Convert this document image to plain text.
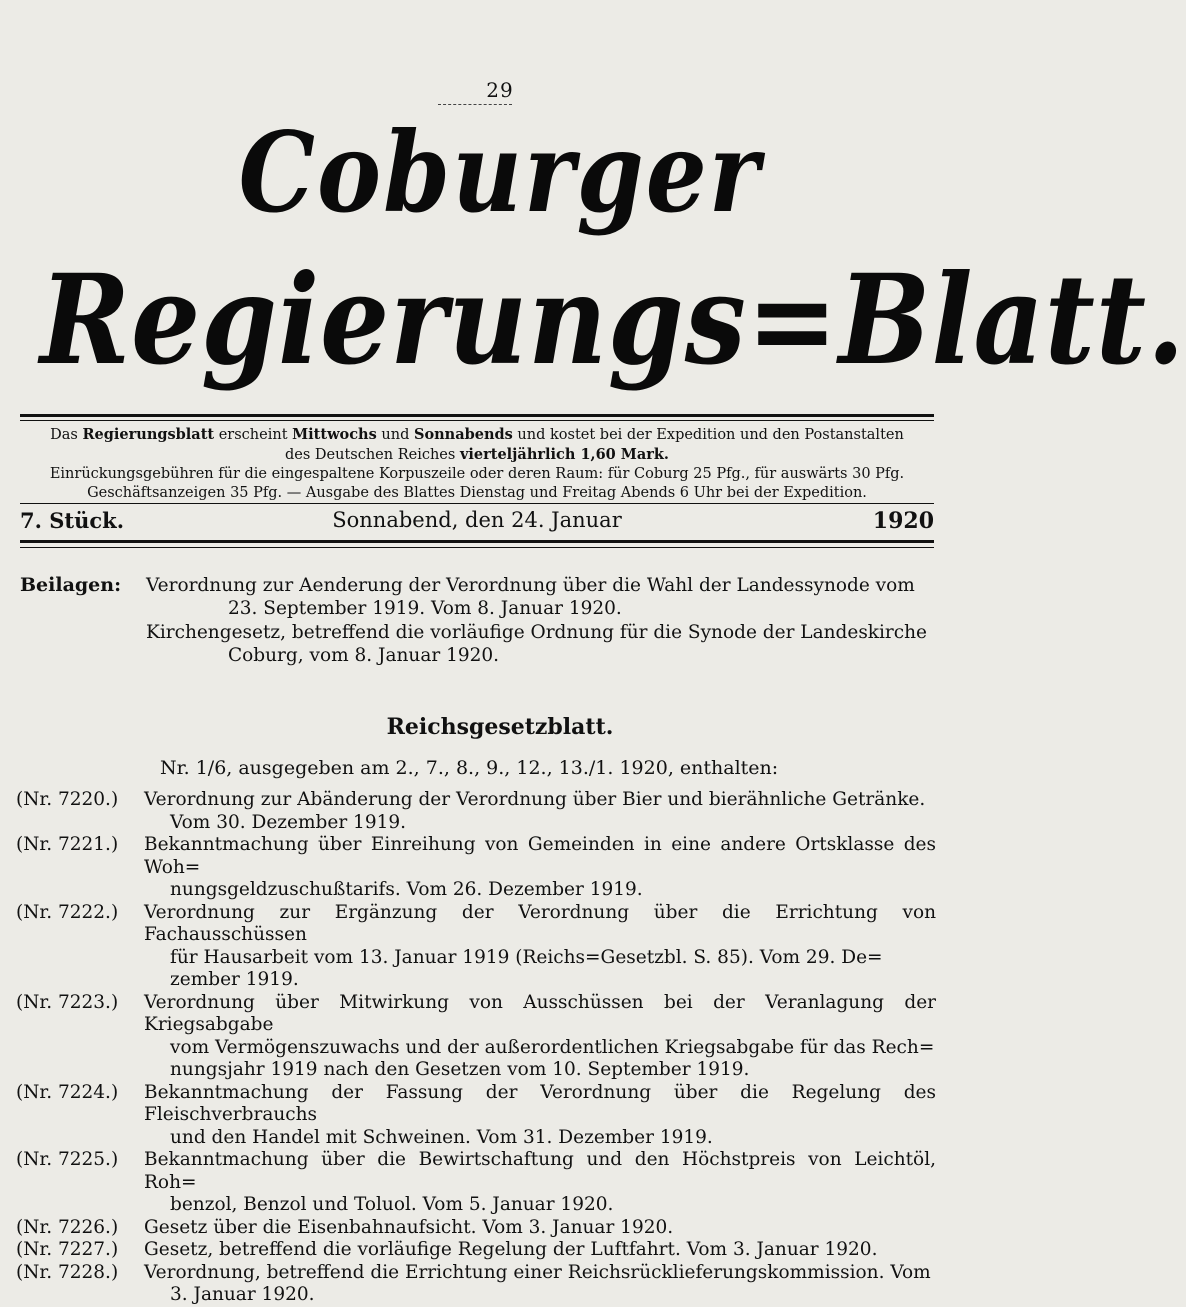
29
Coburger
Regierungs=Blatt.

Das Regierungsblatt erscheint Mittwochs und Sonnabends und kostet bei der Expedition und den Postanstalten

des Deutschen Reiches vierteljährlich 1,60 Mark.

Einrückungsgebühren für die eingespaltene Korpuszeile oder deren Raum: für Coburg 25 Pfg., für auswärts 30 Pfg.

Geschäftsanzeigen 35 Pfg. — Ausgabe des Blattes Dienstag und Freitag Abends 6 Uhr bei der Expedition.

7. Stück.	Sonnabend, den 24. Januar	1920
Beilagen: Verordnung zur Aenderung der Verordnung über die Wahl der Landessynode vom
23. September 1919. Vom 8. Januar 1920.
Kirchengesetz, betreffend die vorläufige Ordnung für die Synode der Landeskirche
Coburg, vom 8. Januar 1920.
Reichsgesetzblatt.
Nr. 1/6, ausgegeben am 2., 7., 8., 9., 12., 13./1. 1920, enthalten:
(Nr. 7220.)	Verordnung zur Abänderung der Verordnung über Bier und bierähnliche Getränke.
Vom 30. Dezember 1919.
(Nr. 7221.)	Bekanntmachung über Einreihung von Gemeinden in eine andere Ortsklasse des Woh=
nungsgeldzuschußtarifs. Vom 26. Dezember 1919.
(Nr. 7222.)	Verordnung zur Ergänzung der Verordnung über die Errichtung von Fachausschüssen
für Hausarbeit vom 13. Januar 1919 (Reichs=Gesetzbl. S. 85). Vom 29. De=
zember 1919.
(Nr. 7223.)	Verordnung über Mitwirkung von Ausschüssen bei der Veranlagung der Kriegsabgabe
vom Vermögenszuwachs und der außerordentlichen Kriegsabgabe für das Rech=
nungsjahr 1919 nach den Gesetzen vom 10. September 1919.
(Nr. 7224.)	Bekanntmachung der Fassung der Verordnung über die Regelung des Fleischverbrauchs
und den Handel mit Schweinen. Vom 31. Dezember 1919.
(Nr. 7225.)	Bekanntmachung über die Bewirtschaftung und den Höchstpreis von Leichtöl, Roh=
benzol, Benzol und Toluol. Vom 5. Januar 1920.
(Nr. 7226.)	Gesetz über die Eisenbahnaufsicht. Vom 3. Januar 1920.
(Nr. 7227.)	Gesetz, betreffend die vorläufige Regelung der Luftfahrt. Vom 3. Januar 1920.
(Nr. 7228.)	Verordnung, betreffend die Errichtung einer Reichsrücklieferungskommission. Vom
3. Januar 1920.
